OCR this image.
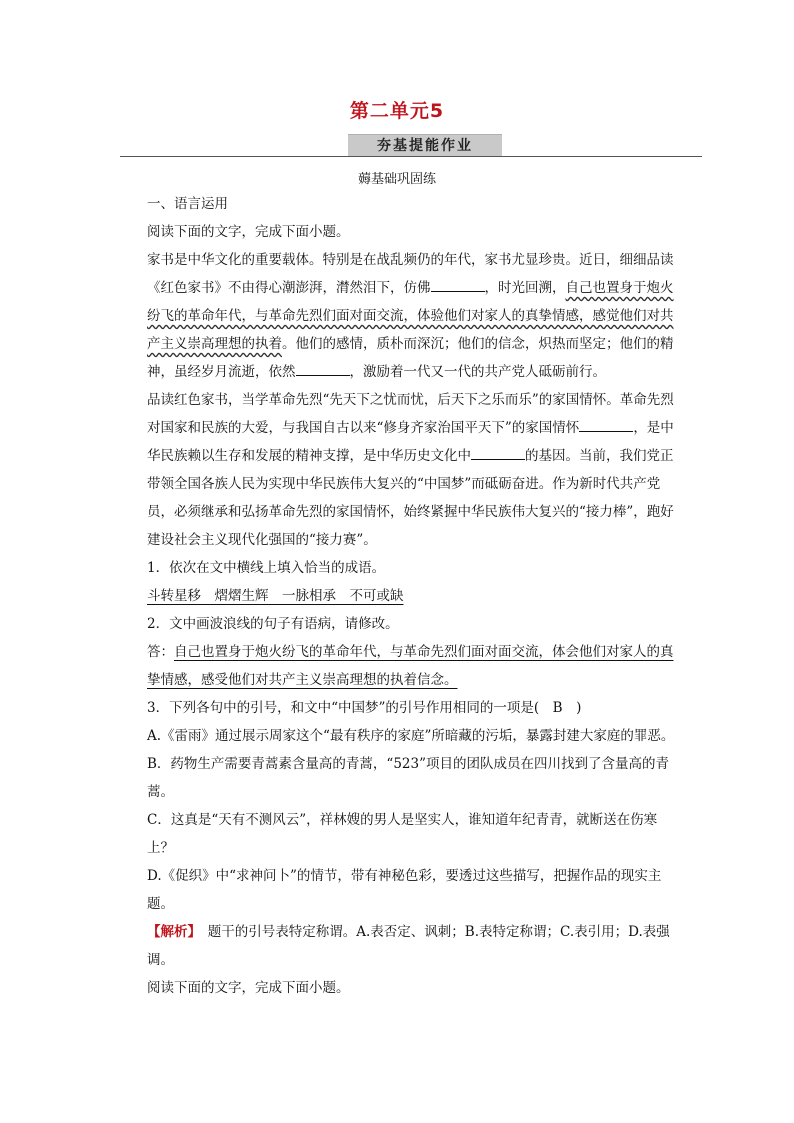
第二单元5
夯基提能作业
薅基础巩固练

一、语言运用

阅读下面的文字，完成下面小题。

家书是中华文化的重要载体。特别是在战乱频仍的年代，家书尤显珍贵。近日，细细品读《红色家书》不由得心潮澎湃，潸然泪下，仿佛	，时光回溯，自己也置身于炮火纷飞的革命年代，与革命先烈们面对面交流，体验他们对家人的真挚情感，感觉他们对共产主义崇高理想的执着。他们的感情，质朴而深沉；他们的信念，炽热而坚定；他们的精神，虽经岁月流逝，依然	，激励着一代又一代的共产党人砥砺前行。

品读红色家书，当学革命先烈“先天下之忧而忧，后天下之乐而乐”的家国情怀。革命先烈对国家和民族的大爱，与我国自古以来“修身齐家治国平天下”的家国情怀	，是中华民族赖以生存和发展的精神支撑，是中华历史文化中	的基因。当前，我们党正带领全国各族人民为实现中华民族伟大复兴的“中国梦”而砥砺奋进。作为新时代共产党员，必须继承和弘扬革命先烈的家国情怀，始终紧握中华民族伟大复兴的“接力棒”，跑好建设社会主义现代化强国的“接力赛”。

1．依次在文中横线上填入恰当的成语。

斗转星移　熠熠生辉　一脉相承　不可或缺

2．文中画波浪线的句子有语病，请修改。

答：自己也置身于炮火纷飞的革命年代，与革命先烈们面对面交流，体会他们对家人的真挚情感，感受他们对共产主义崇高理想的执着信念。

3．下列各句中的引号，和文中“中国梦”的引号作用相同的一项是(　B　)

A.《雷雨》通过展示周家这个“最有秩序的家庭”所暗藏的污垢，暴露封建大家庭的罪恶。

B．药物生产需要青蒿素含量高的青蒿，“523”项目的团队成员在四川找到了含量高的青蒿。

C．这真是“天有不测风云”，祥林嫂的男人是坚实人，谁知道年纪青青，就断送在伤寒上？

D.《促织》中“求神问卜”的情节，带有神秘色彩，要透过这些描写，把握作品的现实主题。

【解析】　题干的引号表特定称谓。A.表否定、讽刺；B.表特定称谓；C.表引用；D.表强调。

阅读下面的文字，完成下面小题。
